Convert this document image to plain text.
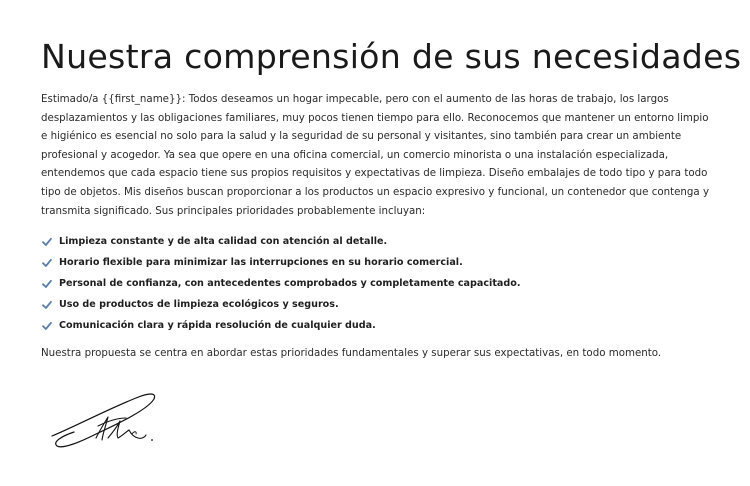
Nuestra comprensión de sus necesidades

Estimado/a {{first_name}}: Todos deseamos un hogar impecable, pero con el aumento de las horas de trabajo, los largos desplazamientos y las obligaciones familiares, muy pocos tienen tiempo para ello. Reconocemos que mantener un entorno limpio e higiénico es esencial no solo para la salud y la seguridad de su personal y visitantes, sino también para crear un ambiente profesional y acogedor. Ya sea que opere en una oficina comercial, un comercio minorista o una instalación especializada, entendemos que cada espacio tiene sus propios requisitos y expectativas de limpieza. Diseño embalajes de todo tipo y para todo tipo de objetos. Mis diseños buscan proporcionar a los productos un espacio expresivo y funcional, un contenedor que contenga y transmita significado. Sus principales prioridades probablemente incluyan:

Limpieza constante y de alta calidad con atención al detalle.
Horario flexible para minimizar las interrupciones en su horario comercial.
Personal de confianza, con antecedentes comprobados y completamente capacitado.
Uso de productos de limpieza ecológicos y seguros.
Comunicación clara y rápida resolución de cualquier duda.

Nuestra propuesta se centra en abordar estas prioridades fundamentales y superar sus expectativas, en todo momento.
